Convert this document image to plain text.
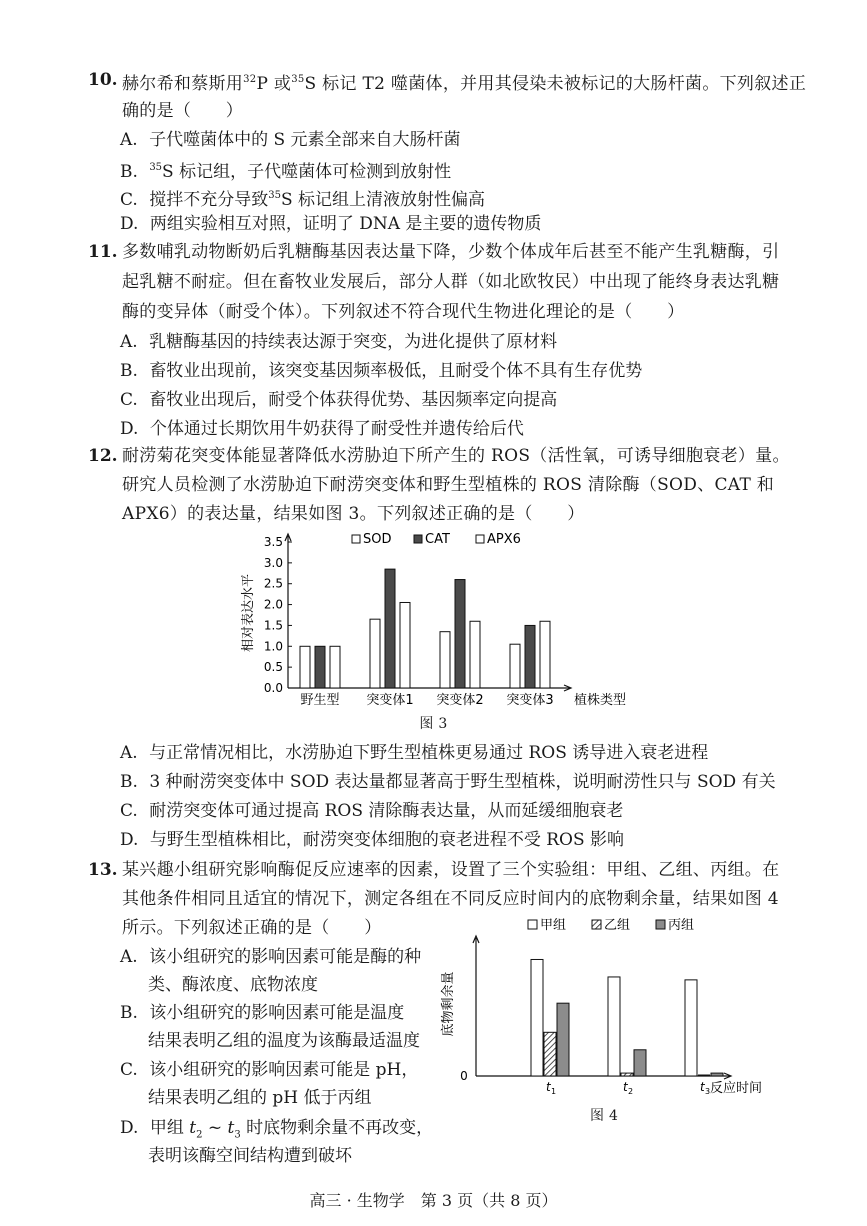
10. 赫尔希和蔡斯用$^{32}$P 或$^{35}$S 标记 T2 噬菌体，并用其侵染未被标记的大肠杆菌。下列叙述正
确的是（　　）
A. 子代噬菌体中的 S 元素全部来自大肠杆菌
B. $^{35}$S 标记组，子代噬菌体可检测到放射性
C. 搅拌不充分导致$^{35}$S 标记组上清液放射性偏高
D. 两组实验相互对照，证明了 DNA 是主要的遗传物质
11. 多数哺乳动物断奶后乳糖酶基因表达量下降，少数个体成年后甚至不能产生乳糖酶，引
起乳糖不耐症。但在畜牧业发展后，部分人群（如北欧牧民）中出现了能终身表达乳糖
酶的变异体（耐受个体）。下列叙述不符合现代生物进化理论的是（　　）
A. 乳糖酶基因的持续表达源于突变，为进化提供了原材料
B. 畜牧业出现前，该突变基因频率极低，且耐受个体不具有生存优势
C. 畜牧业出现后，耐受个体获得优势、基因频率定向提高
D. 个体通过长期饮用牛奶获得了耐受性并遗传给后代
12. 耐涝菊花突变体能显著降低水涝胁迫下所产生的 ROS（活性氧，可诱导细胞衰老）量。
研究人员检测了水涝胁迫下耐涝突变体和野生型植株的 ROS 清除酶（SOD、CAT 和
APX6）的表达量，结果如图 3。下列叙述正确的是（　　）
SOD	CAT	APX6
0.0
0.5
1.0
1.5
2.0
2.5
3.0
3.5
相对表达水平
野生型 突变体1 突变体2 突变体3 植株类型
图 3
A. 与正常情况相比，水涝胁迫下野生型植株更易通过 ROS 诱导进入衰老进程
B. 3 种耐涝突变体中 SOD 表达量都显著高于野生型植株，说明耐涝性只与 SOD 有关
C. 耐涝突变体可通过提高 ROS 清除酶表达量，从而延缓细胞衰老
D. 与野生型植株相比，耐涝突变体细胞的衰老进程不受 ROS 影响
13. 某兴趣小组研究影响酶促反应速率的因素，设置了三个实验组：甲组、乙组、丙组。在
其他条件相同且适宜的情况下，测定各组在不同反应时间内的底物剩余量，结果如图 4
所示。下列叙述正确的是（　　）
A. 该小组研究的影响因素可能是酶的种
类、酶浓度、底物浓度
B. 该小组研究的影响因素可能是温度
结果表明乙组的温度为该酶最适温度
C. 该小组研究的影响因素可能是 pH，
结果表明乙组的 pH 低于丙组
D. 甲组 $t_2$ ~ $t_3$ 时底物剩余量不再改变，
表明该酶空间结构遭到破坏
甲组	乙组	丙组
0
底物剩余量
t 1	t 2	t 3 反应时间
图 4
高三 · 生物学　第 3 页（共 8 页）
